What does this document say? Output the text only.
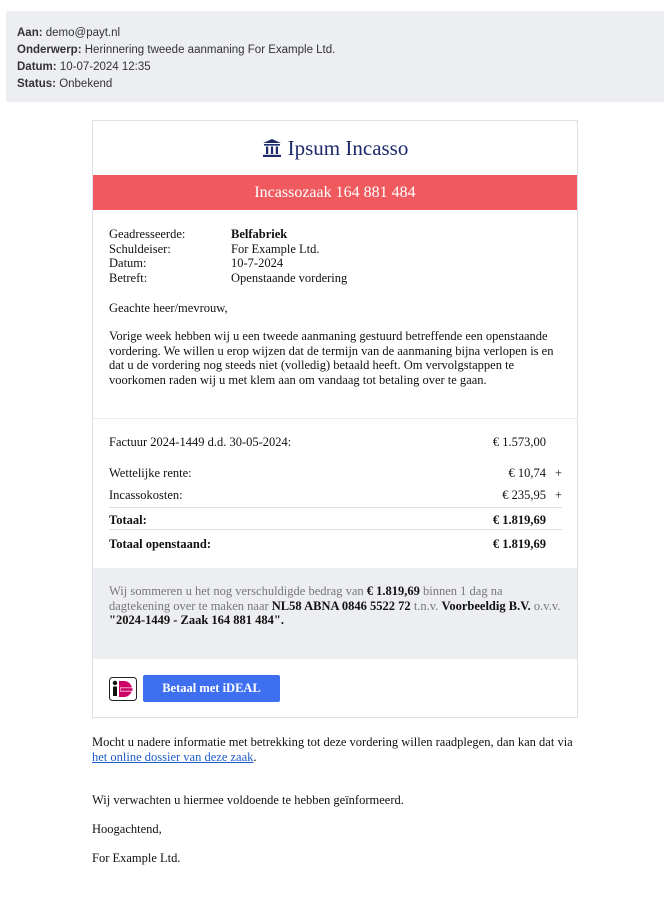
Aan: demo@payt.nl
Onderwerp: Herinnering tweede aanmaning For Example Ltd.
Datum: 10-07-2024 12:35
Status: Onbekend
Ipsum Incasso
Incassozaak 164 881 484
Geadresseerde:	Belfabriek
Schuldeiser:	For Example Ltd.
Datum:	10-7-2024
Betreft:	Openstaande vordering
Geachte heer/mevrouw,
Vorige week hebben wij u een tweede aanmaning gestuurd betreffende een openstaande vordering. We willen u erop wijzen dat de termijn van de aanmaning bijna verlopen is en dat u de vordering nog steeds niet (volledig) betaald heeft. Om vervolgstappen te voorkomen raden wij u met klem aan om vandaag tot betaling over te gaan.
Factuur 2024-1449 d.d. 30-05-2024:	€ 1.573,00
Wettelijke rente:	€ 10,74 +
Incassokosten:	€ 235,95 +
Totaal:	€ 1.819,69
Totaal openstaand:	€ 1.819,69
Wij sommeren u het nog verschuldigde bedrag van € 1.819,69 binnen 1 dag na dagtekening over te maken naar NL58 ABNA 0846 5522 72 t.n.v. Voorbeeldig B.V. o.v.v. "2024-1449 - Zaak 164 881 484".
Betaal met iDEAL
Mocht u nadere informatie met betrekking tot deze vordering willen raadplegen, dan kan dat via het online dossier van deze zaak.
Wij verwachten u hiermee voldoende te hebben geïnformeerd.
Hoogachtend,
For Example Ltd.
